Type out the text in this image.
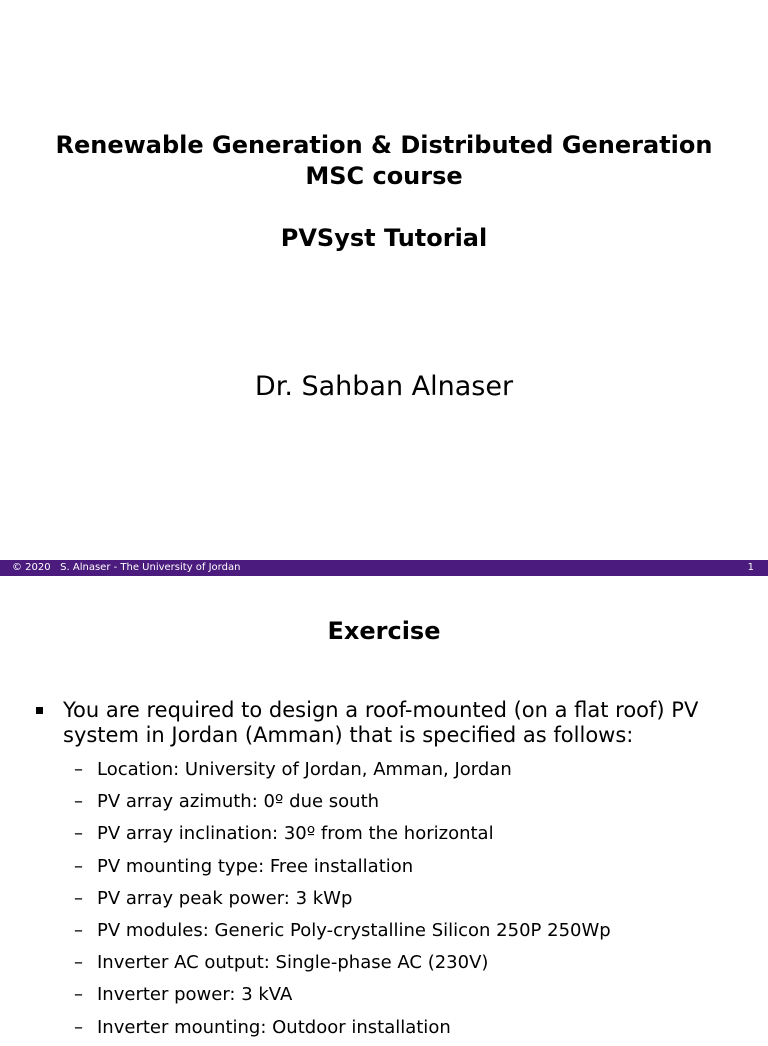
Renewable Generation & Distributed Generation
MSC course
PVSyst Tutorial
Dr. Sahban Alnaser
© 2020   S. Alnaser - The University of Jordan	1
Exercise
You are required to design a roof-mounted (on a flat roof) PV system in Jordan (Amman) that is specified as follows:
– Location: University of Jordan, Amman, Jordan
– PV array azimuth: 0º due south
– PV array inclination: 30º from the horizontal
– PV mounting type: Free installation
– PV array peak power: 3 kWp
– PV modules: Generic Poly-crystalline Silicon 250P 250Wp
– Inverter AC output: Single-phase AC (230V)
– Inverter power: 3 kVA
– Inverter mounting: Outdoor installation
